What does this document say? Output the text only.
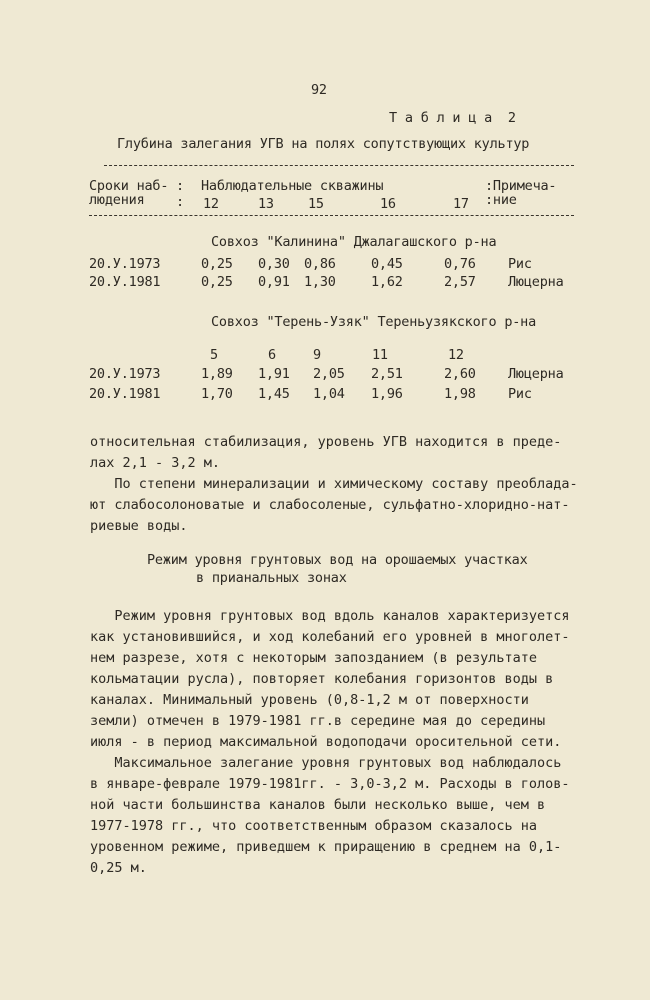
92
Т а б л и ц а  2
Глубина залегания УГВ на полях сопутствующих культур
Сроки наб-
людения
:
:
Наблюдательные скважины	:Примеча-
:ние
12	13	15	16	17
Совхоз "Калинина" Джалагашского р-на
20.У.1973	0,25 0,30 0,86	0,45	0,76 Рис
20.У.1981	0,25 0,91 1,30	1,62	2,57 Люцерна
Совхоз "Терень-Узяк" Тереньузякского р-на
5	6	9	11	12
20.У.1973	1,89 1,91 2,05 2,51	2,60 Люцерна
20.У.1981	1,70 1,45 1,04 1,96	1,98 Рис
относительная стабилизация, уровень УГВ находится в преде-
лах 2,1 - 3,2 м.
По степени минерализации и химическому составу преоблада-
ют слабосолоноватые и слабосоленые, сульфатно-хлоридно-нат-
риевые воды.
Режим уровня грунтовых вод на орошаемых участках
в прианальных зонах
Режим уровня грунтовых вод вдоль каналов характеризуется
как установившийся, и ход колебаний его уровней в многолет-
нем разрезе, хотя с некоторым запозданием (в результате
кольматации русла), повторяет колебания горизонтов воды в
каналах. Минимальный уровень (0,8-1,2 м от поверхности
земли) отмечен в 1979-1981 гг.в середине мая до середины
июля - в период максимальной водоподачи оросительной сети.
Максимальное залегание уровня грунтовых вод наблюдалось
в январе-феврале 1979-1981гг. - 3,0-3,2 м. Расходы в голов-
ной части большинства каналов были несколько выше, чем в
1977-1978 гг., что соответственным образом сказалось на
уровенном режиме, приведшем к приращению в среднем на 0,1-
0,25 м.
